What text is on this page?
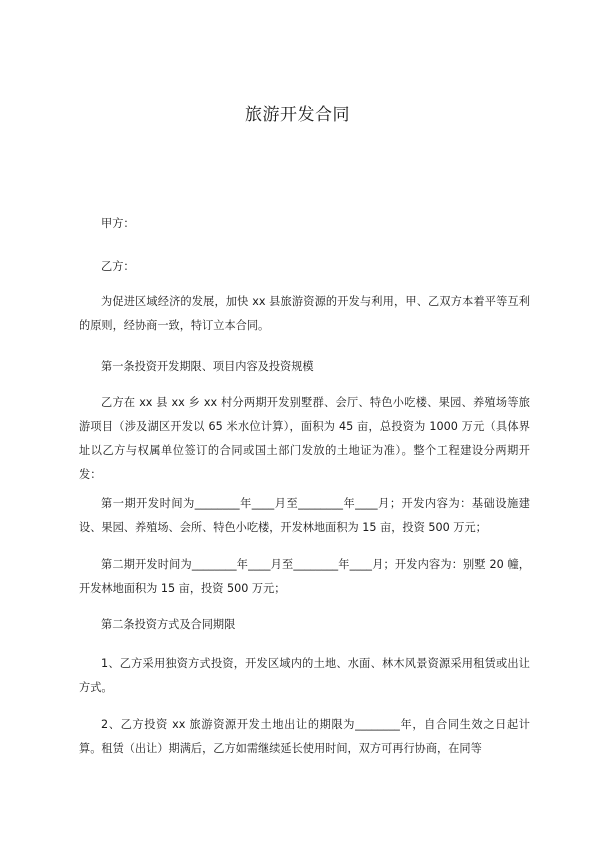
旅游开发合同
甲方：
乙方：
为促进区域经济的发展，加快 xx 县旅游资源的开发与利用，甲、乙双方本着平等互利的原则，经协商一致，特订立本合同。
第一条投资开发期限、项目内容及投资规模
乙方在 xx 县 xx 乡 xx 村分两期开发别墅群、会厅、特色小吃楼、果园、养殖场等旅游项目（涉及湖区开发以 65 米水位计算），面积为 45 亩，总投资为 1000 万元（具体界址以乙方与权属单位签订的合同或国土部门发放的土地证为准）。整个工程建设分两期开发：
第一期开发时间为________年____月至________年____月；开发内容为：基础设施建设、果园、养殖场、会所、特色小吃楼，开发林地面积为 15 亩，投资 500 万元；
第二期开发时间为________年____月至________年____月；开发内容为：别墅 20 幢，开发林地面积为 15 亩，投资 500 万元；
第二条投资方式及合同期限
1、乙方采用独资方式投资，开发区域内的土地、水面、林木风景资源采用租赁或出让方式。
2、乙方投资 xx 旅游资源开发土地出让的期限为________年，自合同生效之日起计算。租赁（出让）期满后，乙方如需继续延长使用时间，双方可再行协商，在同等
